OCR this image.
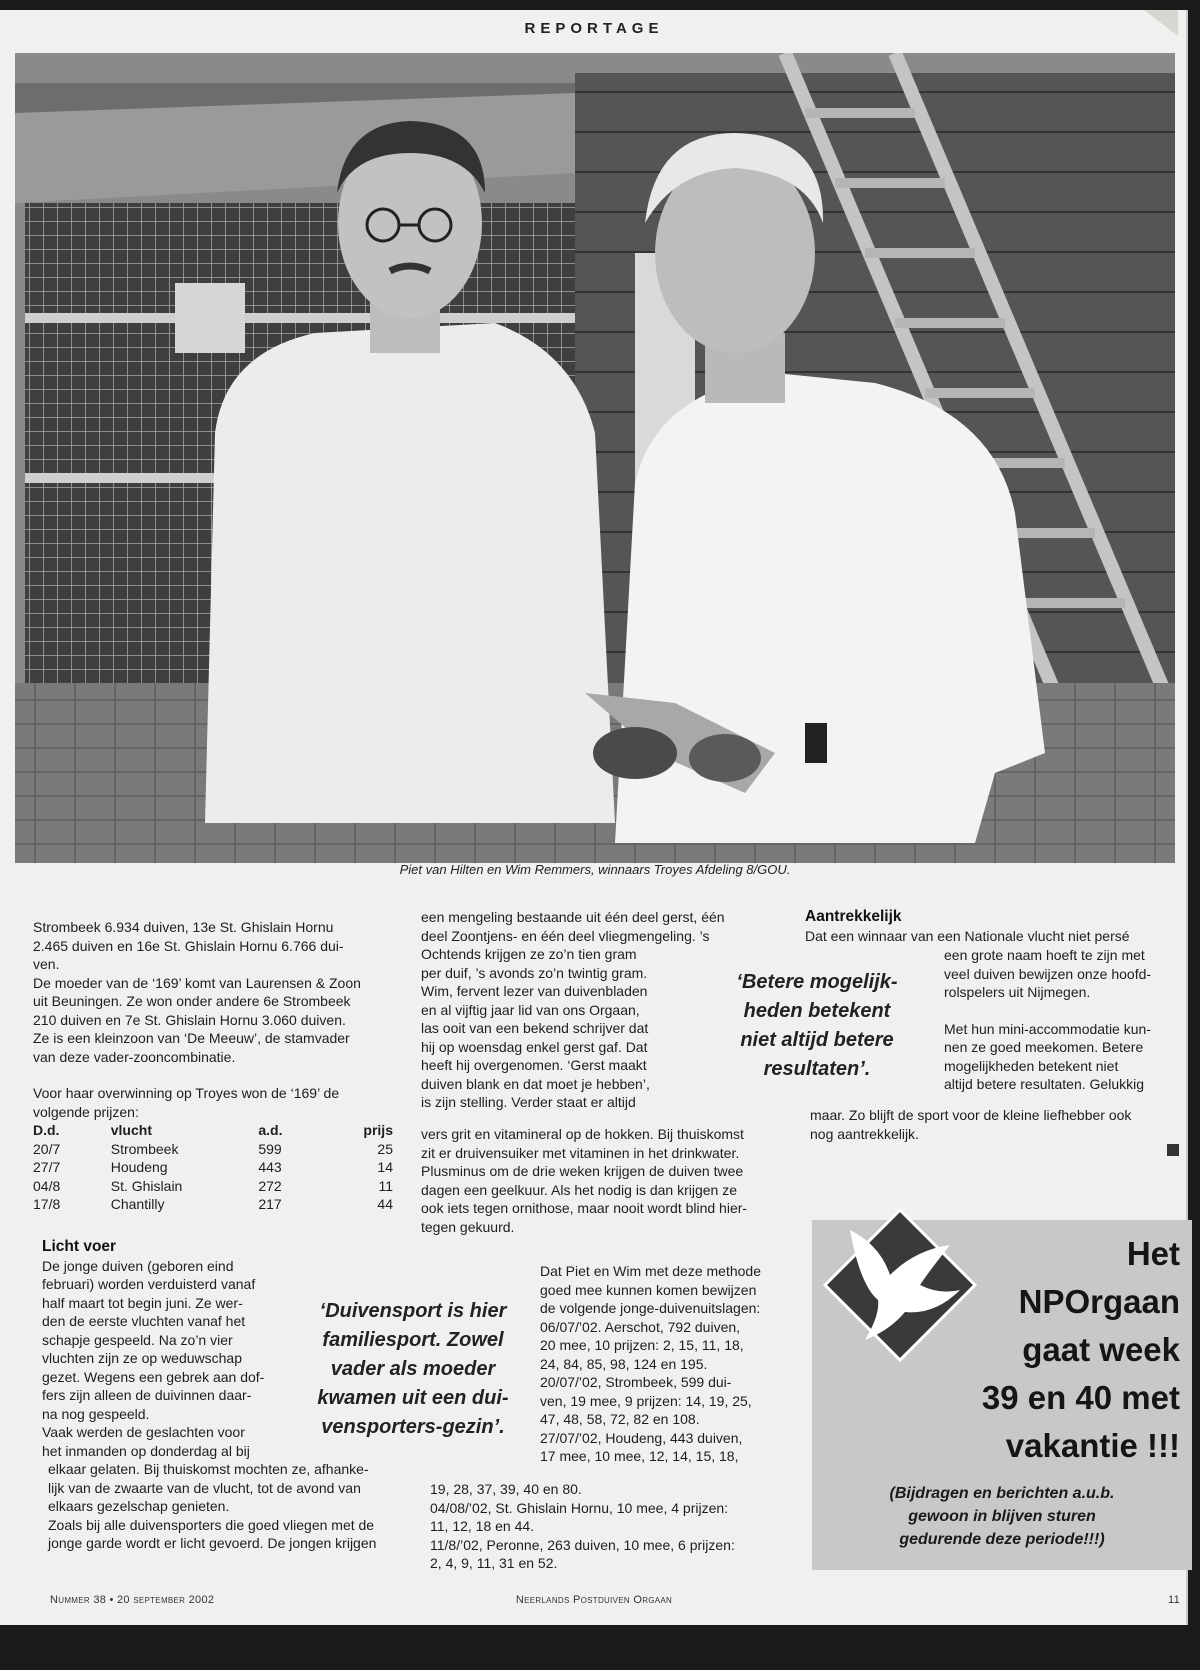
REPORTAGE
Piet van Hilten en Wim Remmers, winnaars Troyes Afdeling 8/GOU.

Strombeek 6.934 duiven, 13e St. Ghislain Hornu
2.465 duiven en 16e St. Ghislain Hornu 6.766 dui-
ven.

De moeder van de ‘169’ komt van Laurensen & Zoon
uit Beuningen. Ze won onder andere 6e Strombeek
210 duiven en 7e St. Ghislain Hornu 3.060 duiven.
Ze is een kleinzoon van ‘De Meeuw’, de stamvader
van deze vader-zooncombinatie.

Voor haar overwinning op Troyes won de ‘169’ de
volgende prijzen:

D.d.	vlucht	a.d.	prijs
20/7	Strombeek	599	25
27/7	Houdeng	443	14
04/8	St. Ghislain	272	11
17/8	Chantilly	217	44

Licht voer

De jonge duiven (geboren eind
februari) worden verduisterd vanaf
half maart tot begin juni. Ze wer-
den de eerste vluchten vanaf het
schapje gespeeld. Na zo’n vier
vluchten zijn ze op weduwschap
gezet. Wegens een gebrek aan dof-
fers zijn alleen de duivinnen daar-
na nog gespeeld.
Vaak werden de geslachten voor
het inmanden op donderdag al bij

elkaar gelaten. Bij thuiskomst mochten ze, afhanke-
lijk van de zwaarte van de vlucht, tot de avond van
elkaars gezelschap genieten.
Zoals bij alle duivensporters die goed vliegen met de
jonge garde wordt er licht gevoerd. De jongen krijgen

een mengeling bestaande uit één deel gerst, één
deel Zoontjens- en één deel vliegmengeling. ’s
Ochtends krijgen ze zo’n tien gram
per duif, ’s avonds zo’n twintig gram.
Wim, fervent lezer van duivenbladen
en al vijftig jaar lid van ons Orgaan,
las ooit van een bekend schrijver dat
hij op woensdag enkel gerst gaf. Dat
heeft hij overgenomen. ‘Gerst maakt
duiven blank en dat moet je hebben’,
is zijn stelling. Verder staat er altijd

vers grit en vitamineral op de hokken. Bij thuiskomst
zit er druivensuiker met vitaminen in het drinkwater.
Plusminus om de drie weken krijgen de duiven twee
dagen een geelkuur. Als het nodig is dan krijgen ze
ook iets tegen ornithose, maar nooit wordt blind hier-
tegen gekuurd.

Dat Piet en Wim met deze methode
goed mee kunnen komen bewijzen
de volgende jonge-duivenuitslagen:
06/07/’02. Aerschot, 792 duiven,
20 mee, 10 prijzen: 2, 15, 11, 18,
24, 84, 85, 98, 124 en 195.
20/07/’02, Strombeek, 599 dui-
ven, 19 mee, 9 prijzen: 14, 19, 25,
47, 48, 58, 72, 82 en 108.
27/07/’02, Houdeng, 443 duiven,
17 mee, 10 mee, 12, 14, 15, 18,

19, 28, 37, 39, 40 en 80.
04/08/’02, St. Ghislain Hornu, 10 mee, 4 prijzen:
11, 12, 18 en 44.
11/8/’02, Peronne, 263 duiven, 10 mee, 6 prijzen:
2, 4, 9, 11, 31 en 52.

Aantrekkelijk

Dat een winnaar van een Nationale vlucht niet persé

een grote naam hoeft te zijn met
veel duiven bewijzen onze hoofd-
rolspelers uit Nijmegen.

Met hun mini-accommodatie kun-
nen ze goed meekomen. Betere
mogelijkheden betekent niet
altijd betere resultaten. Gelukkig

maar. Zo blijft de sport voor de kleine liefhebber ook
nog aantrekkelijk.

‘Betere mogelijk-
heden betekent
niet altijd betere
resultaten’.
‘Duivensport is hier
familiesport. Zowel
vader als moeder
kwamen uit een dui-
vensporters-gezin’.
Het
NPOrgaan
gaat week
39 en 40 met
vakantie !!!
(Bijdragen en berichten a.u.b.
gewoon in blijven sturen
gedurende deze periode!!!)
Nummer 38 • 20 september 2002	Neerlands Postduiven Orgaan	11
